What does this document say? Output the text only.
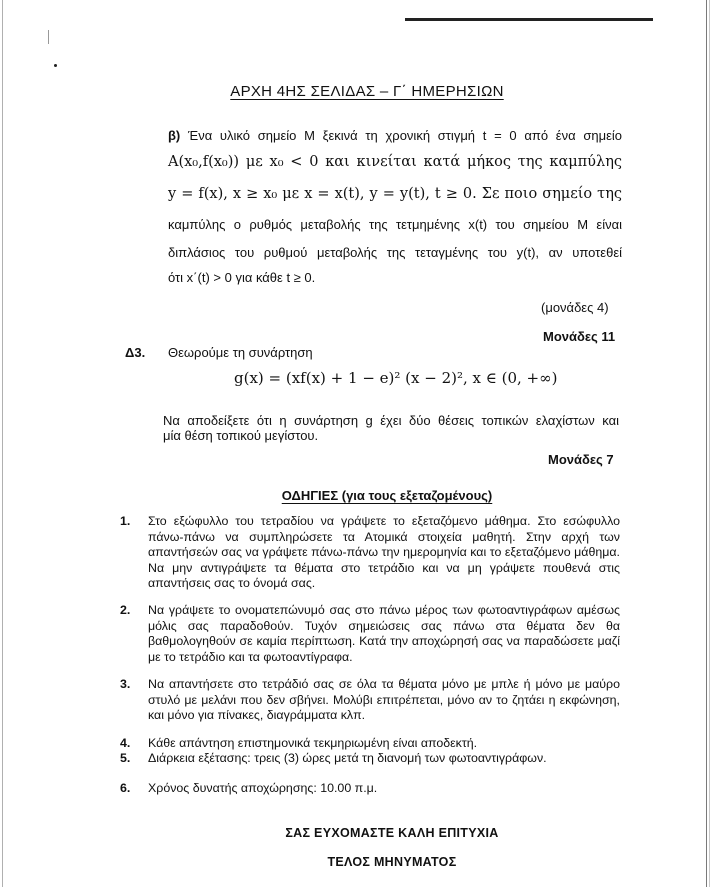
ΑΡΧΗ 4ΗΣ ΣΕΛΙΔΑΣ – Γ΄ ΗΜΕΡΗΣΙΩΝ
β) Ένα υλικό σημείο Μ ξεκινά τη χρονική στιγμή t = 0 από ένα σημείο
A(x₀,f(x₀)) με x₀ < 0 και κινείται κατά μήκος της καμπύλης
y = f(x), x ≥ x₀ με x = x(t), y = y(t), t ≥ 0. Σε ποιο σημείο της
καμπύλης ο ρυθμός μεταβολής της τετμημένης x(t) του σημείου Μ είναι
διπλάσιος του ρυθμού μεταβολής της τεταγμένης του y(t), αν υποτεθεί
ότι x΄(t) > 0 για κάθε t ≥ 0.
(μονάδες 4)
Μονάδες 11
Δ3. Θεωρούμε τη συνάρτηση
g(x) = (xf(x) + 1 − e)² (x − 2)², x ∈ (0, +∞)
Να αποδείξετε ότι η συνάρτηση g έχει δύο θέσεις τοπικών ελαχίστων και
μία θέση τοπικού μεγίστου.
Μονάδες 7
ΟΔΗΓΙΕΣ (για τους εξεταζομένους)
1.	Στο εξώφυλλο του τετραδίου να γράψετε το εξεταζόμενο μάθημα. Στο εσώφυλλο πάνω-πάνω να συμπληρώσετε τα Ατομικά στοιχεία μαθητή. Στην αρχή των απαντήσεών σας να γράψετε πάνω-πάνω την ημερομηνία και το εξεταζόμενο μάθημα. Να μην αντιγράψετε τα θέματα στο τετράδιο και να μη γράψετε πουθενά στις απαντήσεις σας το όνομά σας.
2.	Να γράψετε το ονοματεπώνυμό σας στο πάνω μέρος των φωτοαντιγράφων αμέσως μόλις σας παραδοθούν. Τυχόν σημειώσεις σας πάνω στα θέματα δεν θα βαθμολογηθούν σε καμία περίπτωση. Κατά την αποχώρησή σας να παραδώσετε μαζί με το τετράδιο και τα φωτοαντίγραφα.
3.	Να απαντήσετε στο τετράδιό σας σε όλα τα θέματα μόνο με μπλε ή μόνο με μαύρο στυλό με μελάνι που δεν σβήνει. Μολύβι επιτρέπεται, μόνο αν το ζητάει η εκφώνηση, και μόνο για πίνακες, διαγράμματα κλπ.
4.	Κάθε απάντηση επιστημονικά τεκμηριωμένη είναι αποδεκτή.
5.	Διάρκεια εξέτασης: τρεις (3) ώρες μετά τη διανομή των φωτοαντιγράφων.
6.	Χρόνος δυνατής αποχώρησης: 10.00 π.μ.
ΣΑΣ ΕΥΧΟΜΑΣΤΕ ΚΑΛΗ ΕΠΙΤΥΧΙΑ
ΤΕΛΟΣ ΜΗΝΥΜΑΤΟΣ
